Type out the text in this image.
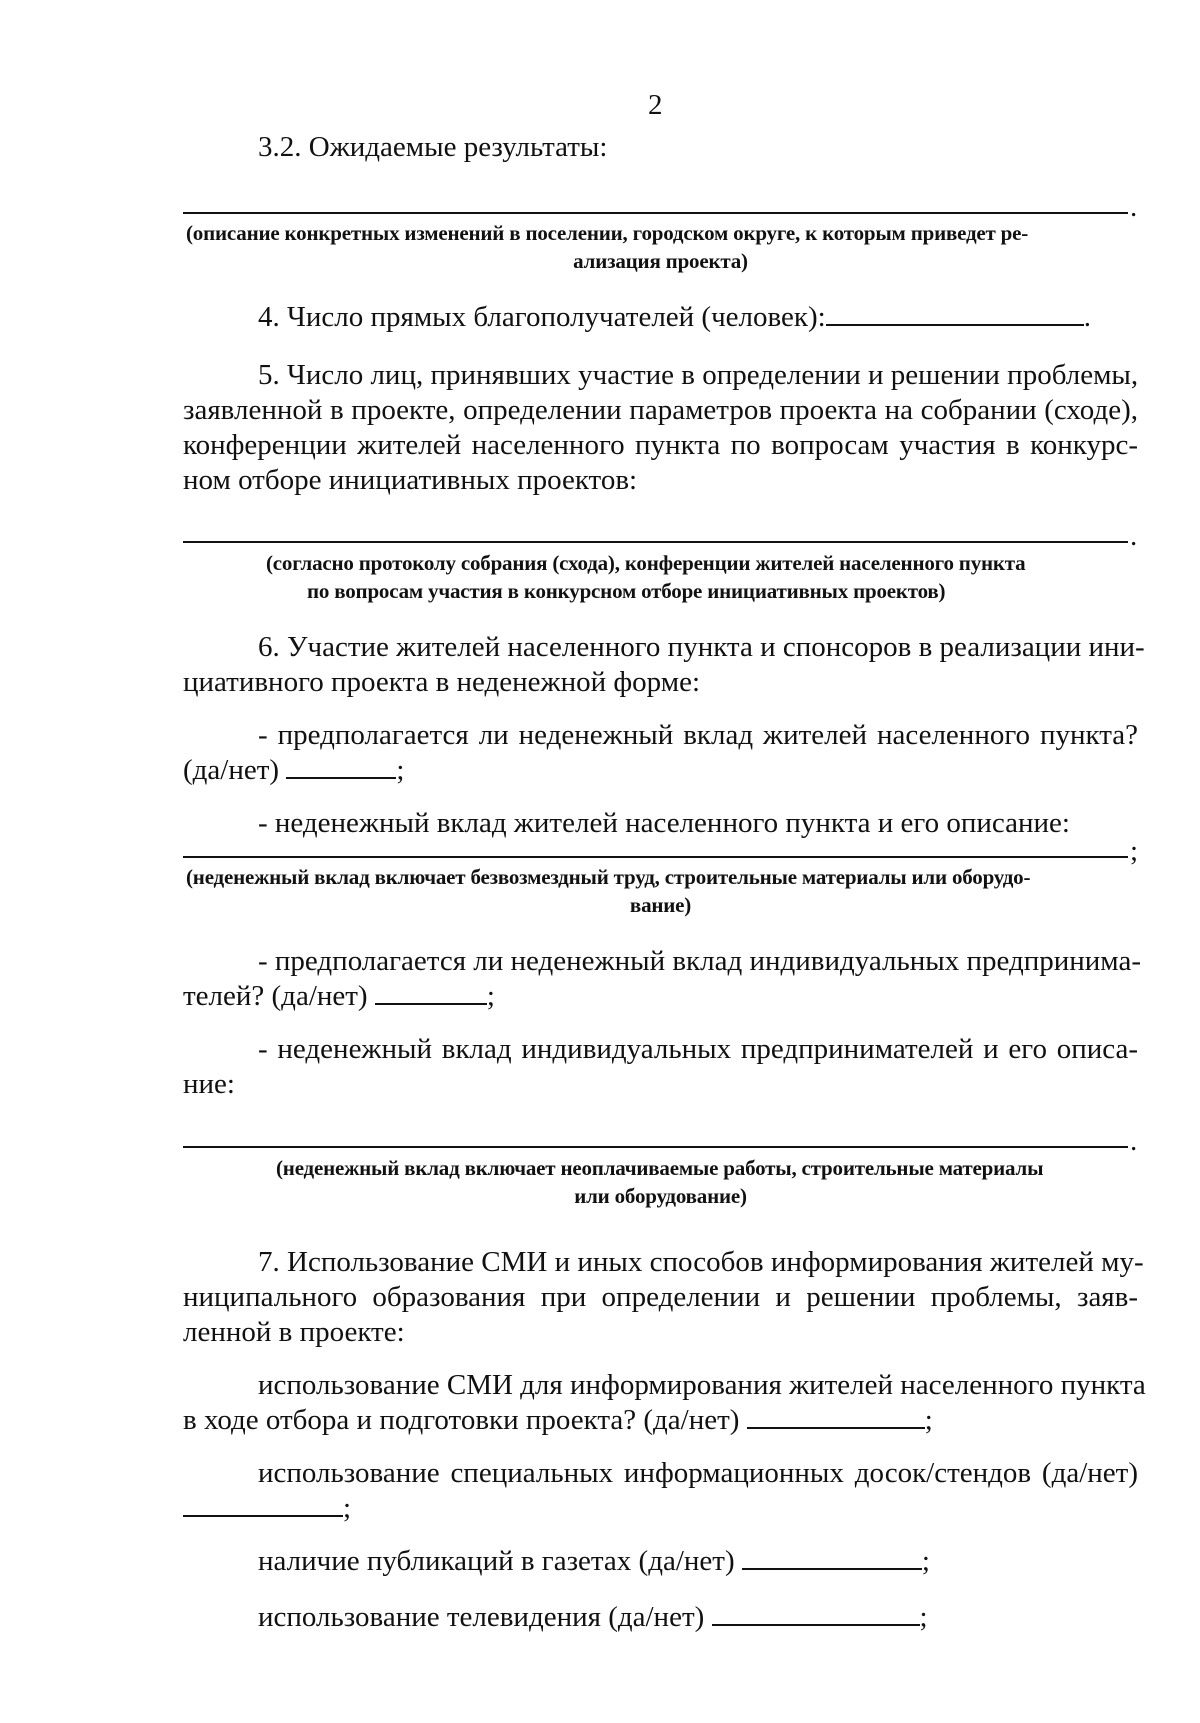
2
3.2. Ожидаемые результаты:
.
(описание конкретных изменений в поселении, городском округе, к которым приведет ре-
ализация проекта)
4. Число прямых благополучателей (человек):	.
5. Число лиц, принявших участие в определении и решении проблемы,
заявленной в проекте, определении параметров проекта на собрании (сходе),
конференции жителей населенного пункта по вопросам участия в конкурс-
ном отборе инициативных проектов:
.
(согласно протоколу собрания (схода), конференции жителей населенного пункта
по вопросам участия в конкурсном отборе инициативных проектов)
6. Участие жителей населенного пункта и спонсоров в реализации ини-
циативного проекта в неденежной форме:
- предполагается ли неденежный вклад жителей населенного пункта?
(да/нет)	;
- неденежный вклад жителей населенного пункта и его описание:
;
(неденежный вклад включает безвозмездный труд, строительные материалы или оборудо-
вание)
- предполагается ли неденежный вклад индивидуальных предпринима-
телей? (да/нет)	;
- неденежный вклад индивидуальных предпринимателей и его описа-
ние:
.
(неденежный вклад включает неоплачиваемые работы, строительные материалы
или оборудование)
7. Использование СМИ и иных способов информирования жителей му-
ниципального образования при определении и решении проблемы, заяв-
ленной в проекте:
использование СМИ для информирования жителей населенного пункта
в ходе отбора и подготовки проекта? (да/нет)	;
использование специальных информационных досок/стендов (да/нет)
;
наличие публикаций в газетах (да/нет)	;
использование телевидения (да/нет)	;
